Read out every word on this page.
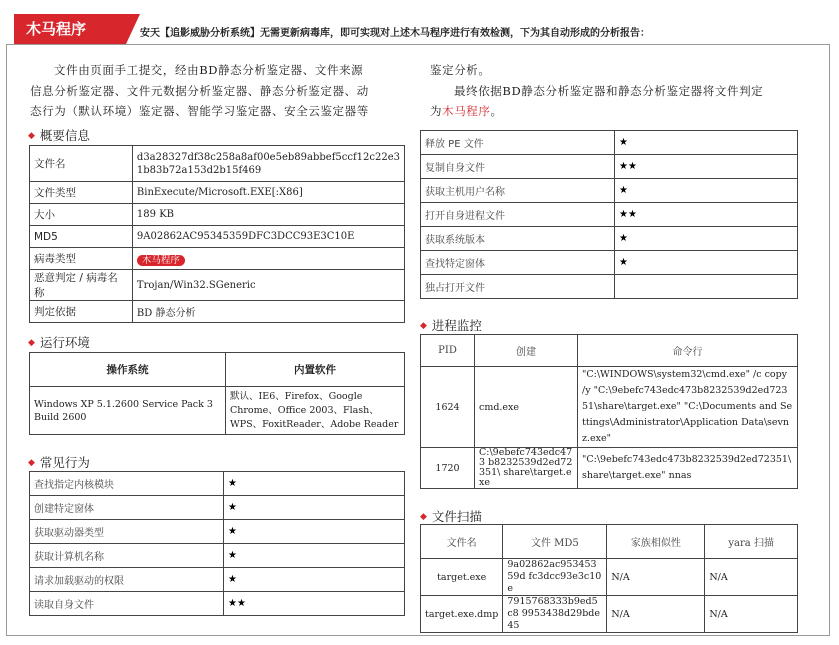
木马程序	安天【追影威胁分析系统】无需更新病毒库，即可实现对上述木马程序进行有效检测，下为其自动形成的分析报告：
文件由页面手工提交，经由BD静态分析鉴定器、文件来源
信息分析鉴定器、文件元数据分析鉴定器、静态分析鉴定器、动
态行为（默认环境）鉴定器、智能学习鉴定器、安全云鉴定器等
鉴定分析。
最终依据BD静态分析鉴定器和静态分析鉴定器将文件判定
为木马程序。
◆ 概要信息
文件名	d3a28327df38c258a8af00e5eb89abbef5ccf12c22e3 1b83b72a153d2b15f469
文件类型	BinExecute/Microsoft.EXE[:X86]
大小	189 KB
MD5	9A02862AC95345359DFC3DCC93E3C10E
病毒类型	木马程序
恶意判定 / 病毒名称	Trojan/Win32.SGeneric
判定依据	BD 静态分析
◆ 运行环境
操作系统	内置软件
Windows XP 5.1.2600 Service Pack 3 Build 2600	默认、IE6、Firefox、Google Chrome、Office 2003、Flash、WPS、FoxitReader、Adobe Reader
◆ 常见行为
查找指定内核模块	★
创建特定窗体	★
获取驱动器类型	★
获取计算机名称	★
请求加载驱动的权限	★
读取自身文件	★★
释放 PE 文件	★
复制自身文件	★★
获取主机用户名称	★
打开自身进程文件	★★
获取系统版本	★
查找特定窗体	★
独占打开文件	
◆ 进程监控
PID	创建	命令行
1624	cmd.exe	"C:\WINDOWS\system32\cmd.exe" /c copy /y "C:\9ebefc743edc473b8232539d2ed72351\share\target.exe" "C:\Documents and Settings\Administrator\Application Data\sevnz.exe"
1720	C:\9ebefc743edc473 b8232539d2ed72351\ share\target.exe	"C:\9ebefc743edc473b8232539d2ed72351\ share\target.exe" nnas
◆ 文件扫描
文件名	文件 MD5	家族相似性	yara 扫描
target.exe	9a02862ac95345359d fc3dcc93e3c10e	N/A	N/A
target.exe.dmp	7915768333b9ed5c8 9953438d29bde45	N/A	N/A
